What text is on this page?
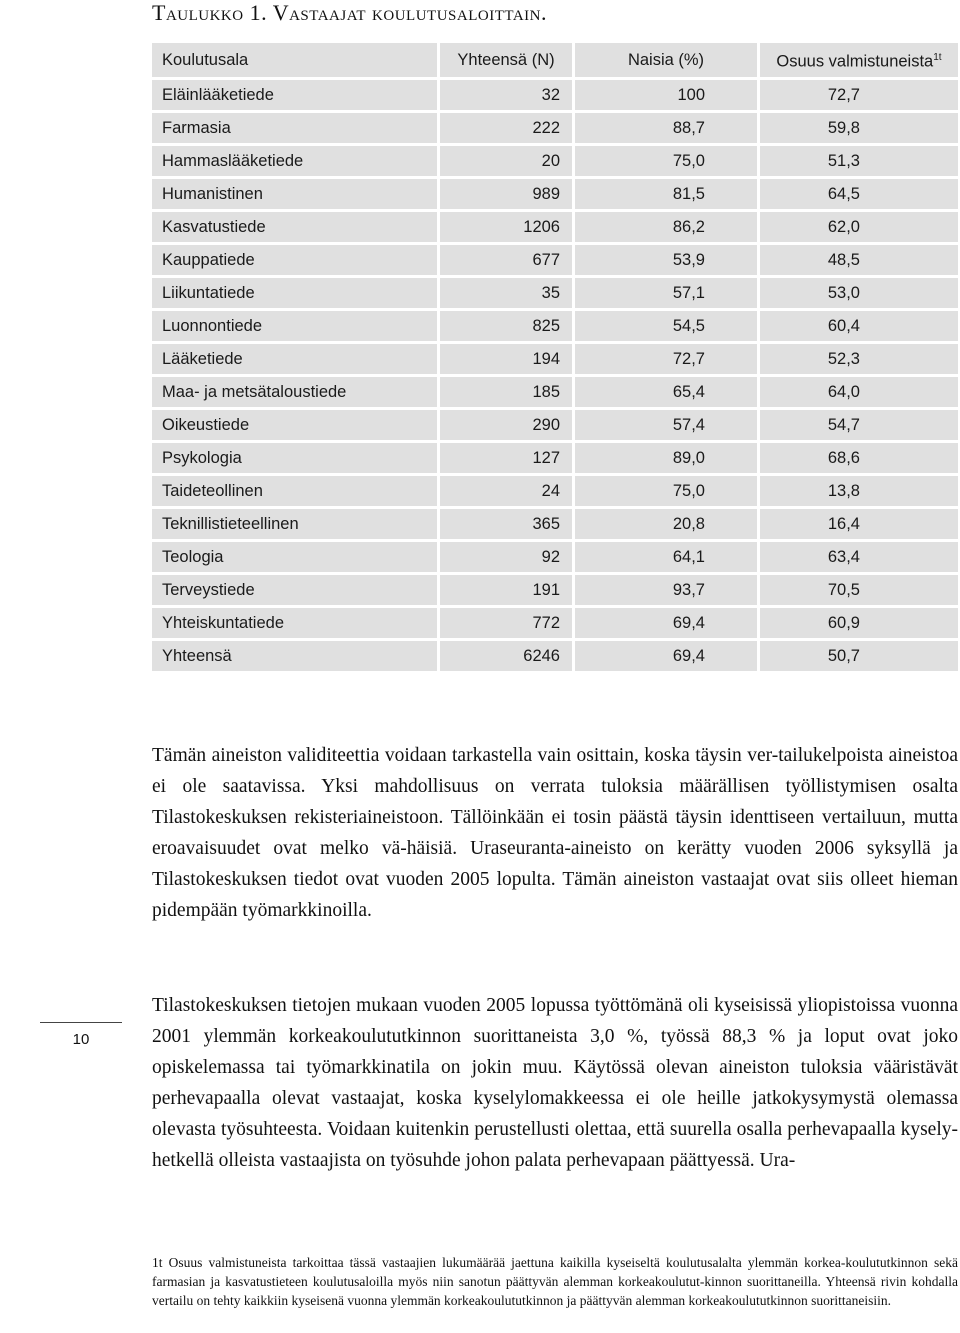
Taulukko 1. Vastaajat koulutusaloittain.
Koulutusala	Yhteensä (N)	Naisia (%)	Osuus valmistuneista$^{1t}$
Eläinlääketiede	32	100	72,7
Farmasia	222	88,7	59,8
Hammaslääketiede	20	75,0	51,3
Humanistinen	989	81,5	64,5
Kasvatustiede	1206	86,2	62,0
Kauppatiede	677	53,9	48,5
Liikuntatiede	35	57,1	53,0
Luonnontiede	825	54,5	60,4
Lääketiede	194	72,7	52,3
Maa- ja metsätaloustiede	185	65,4	64,0
Oikeustiede	290	57,4	54,7
Psykologia	127	89,0	68,6
Taideteollinen	24	75,0	13,8
Teknillistieteellinen	365	20,8	16,4
Teologia	92	64,1	63,4
Terveystiede	191	93,7	70,5
Yhteiskuntatiede	772	69,4	60,9
Yhteensä	6246	69,4	50,7
Tämän aineiston validiteettia voidaan tarkastella vain osittain, koska täysin ver-tailukelpoista aineistoa ei ole saatavissa. Yksi mahdollisuus on verrata tuloksia määrällisen työllistymisen osalta Tilastokeskuksen rekisteriaineistoon. Tällöinkään ei tosin päästä täysin identtiseen vertailuun, mutta eroavaisuudet ovat melko vä-häisiä. Uraseuranta-aineisto on kerätty vuoden 2006 syksyllä ja Tilastokeskuksen tiedot ovat vuoden 2005 lopulta. Tämän aineiston vastaajat ovat siis olleet hieman pidempään työmarkkinoilla.
Tilastokeskuksen tietojen mukaan vuoden 2005 lopussa työttömänä oli kyseisissä yliopistoissa vuonna 2001 ylemmän korkeakoulututkinnon suorittaneista 3,0 %, työssä 88,3 % ja loput ovat joko opiskelemassa tai työmarkkinatila on jokin muu. Käytössä olevan aineiston tuloksia vääristävät perhevapaalla olevat vastaajat, koska kyselylomakkeessa ei ole heille jatkokysymystä olemassa olevasta työsuhteesta. Voidaan kuitenkin perustellusti olettaa, että suurella osalla perhevapaalla kysely-hetkellä olleista vastaajista on työsuhde johon palata perhevapaan päättyessä. Ura-
10
1t Osuus valmistuneista tarkoittaa tässä vastaajien lukumäärää jaettuna kaikilla kyseiseltä koulutusalalta ylemmän korkea-koulututkinnon sekä farmasian ja kasvatustieteen koulutusaloilla myös niin sanotun päättyvän alemman korkeakoulutut-kinnon suorittaneilla. Yhteensä rivin kohdalla vertailu on tehty kaikkiin kyseisenä vuonna ylemmän korkeakoulututkinnon ja päättyvän alemman korkeakoulututkinnon suorittaneisiin.
